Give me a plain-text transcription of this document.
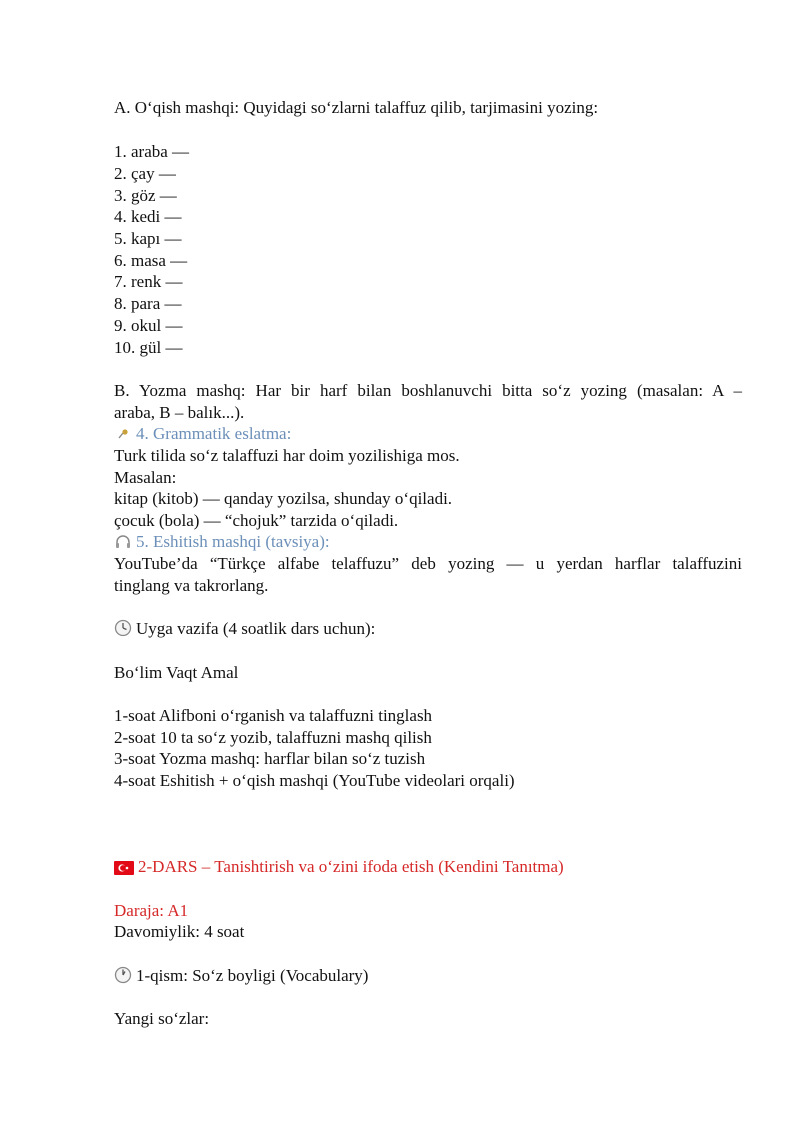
A. O‘qish mashqi: Quyidagi so‘zlarni talaffuz qilib, tarjimasini yozing:
1. araba —
2. çay —
3. göz —
4. kedi —
5. kapı —
6. masa —
7. renk —
8. para —
9. okul —
10. gül —
B. Yozma mashq: Har bir harf bilan boshlanuvchi bitta so‘z yozing (masalan: A –
araba, B – balık...).
4. Grammatik eslatma:
Turk tilida so‘z talaffuzi har doim yozilishiga mos.
Masalan:
kitap (kitob) — qanday yozilsa, shunday o‘qiladi.
çocuk (bola) — “chojuk” tarzida o‘qiladi.
5. Eshitish mashqi (tavsiya):
YouTube’da “Türkçe alfabe telaffuzu” deb yozing — u yerdan harflar talaffuzini
tinglang va takrorlang.
Uyga vazifa (4 soatlik dars uchun):
Bo‘lim Vaqt Amal
1-soat Alifboni o‘rganish va talaffuzni tinglash
2-soat 10 ta so‘z yozib, talaffuzni mashq qilish
3-soat Yozma mashq: harflar bilan so‘z tuzish
4-soat Eshitish + o‘qish mashqi (YouTube videolari orqali)
2-DARS – Tanishtirish va o‘zini ifoda etish (Kendini Tanıtma)
Daraja: A1
Davomiylik: 4 soat
1-qism: So‘z boyligi (Vocabulary)
Yangi so‘zlar:
